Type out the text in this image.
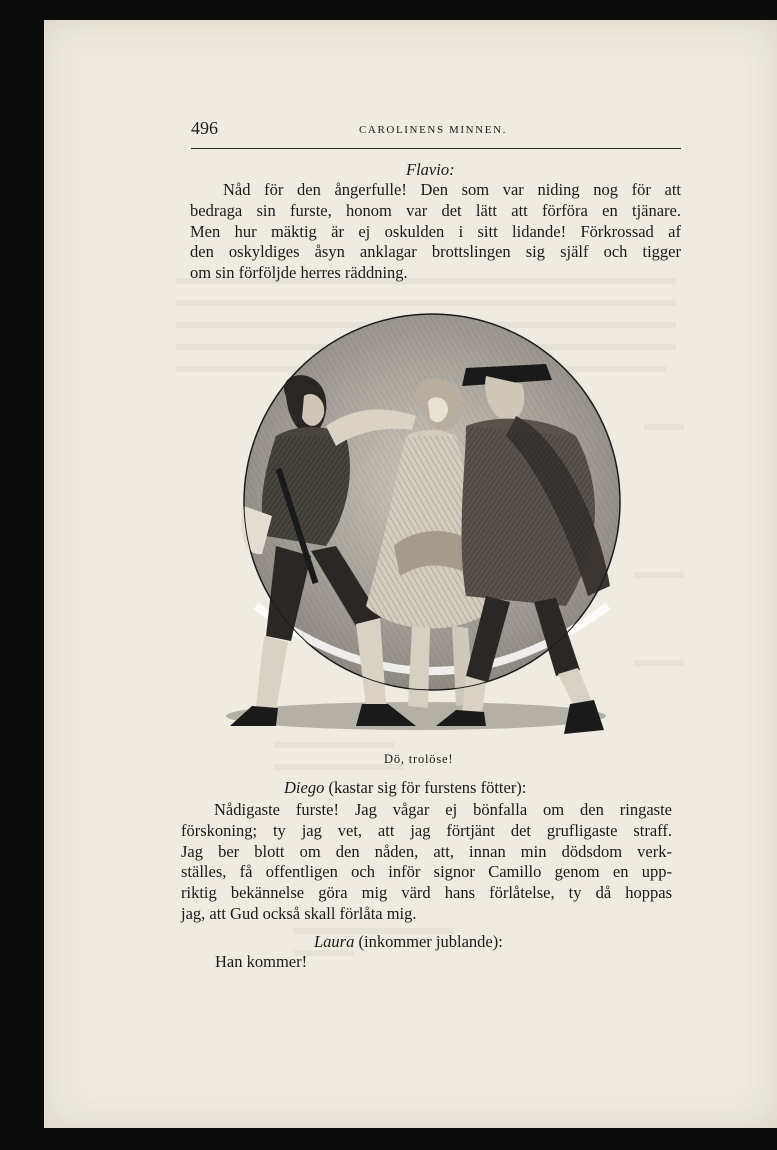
496	CAROLINENS MINNEN.
Flavio:
Nåd för den ångerfulle! Den som var niding nog för att
bedraga sin furste, honom var det lätt att förföra en tjänare.
Men hur mäktig är ej oskulden i sitt lidande! Förkrossad af
den oskyldiges åsyn anklagar brottslingen sig själf och tigger
om sin förföljde herres räddning.
Dö, trolöse!
Diego (kastar sig för furstens fötter):
Nådigaste furste! Jag vågar ej bönfalla om den ringaste
förskoning; ty jag vet, att jag förtjänt det grufligaste straff.
Jag ber blott om den nåden, att, innan min dödsdom verk-
ställes, få offentligen och inför signor Camillo genom en upp-
riktig bekännelse göra mig värd hans förlåtelse, ty då hoppas
jag, att Gud också skall förlåta mig.
Laura (inkommer jublande):
Han kommer!
